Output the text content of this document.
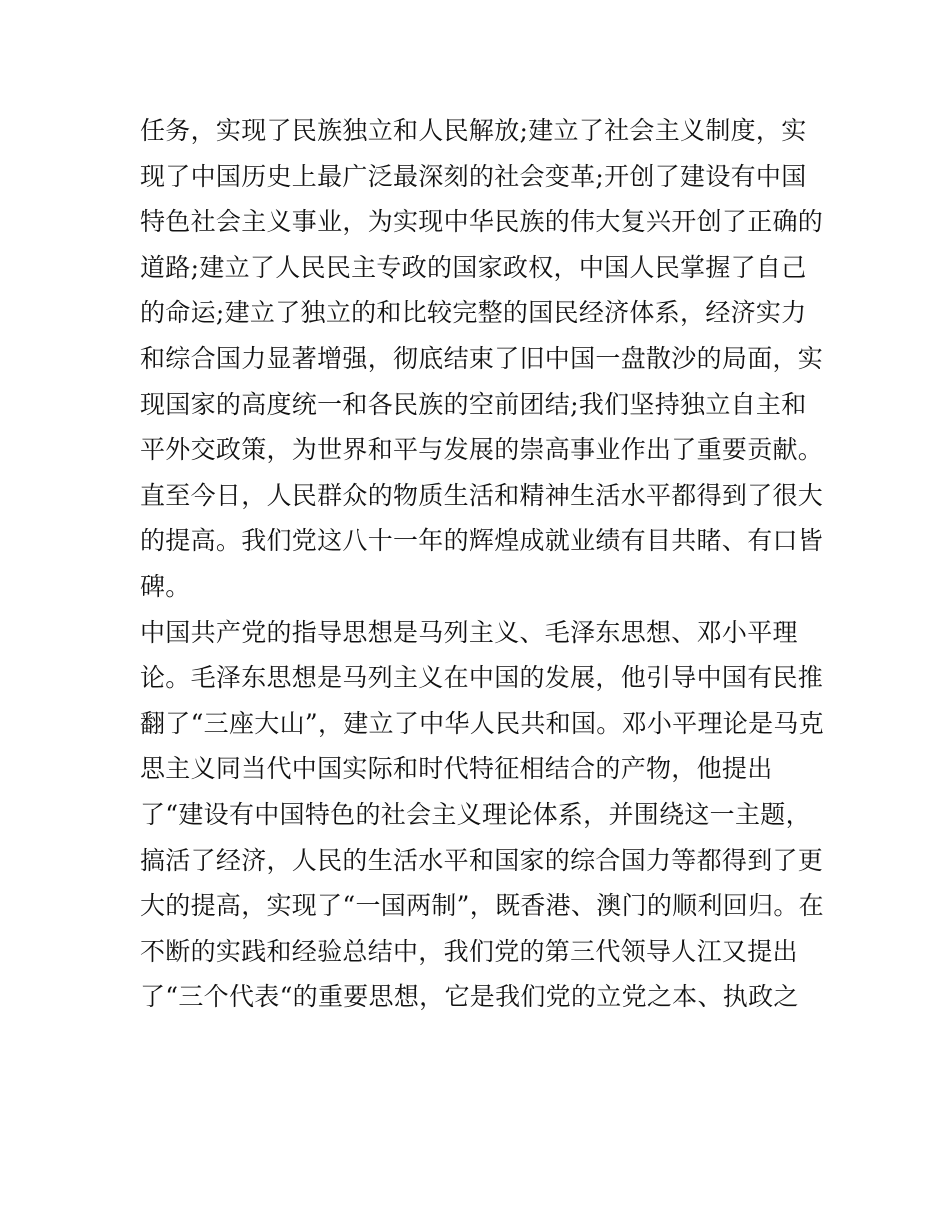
任务，实现了民族独立和人民解放;建立了社会主义制度，实
现了中国历史上最广泛最深刻的社会变革;开创了建设有中国
特色社会主义事业，为实现中华民族的伟大复兴开创了正确的
道路;建立了人民民主专政的国家政权，中国人民掌握了自己
的命运;建立了独立的和比较完整的国民经济体系，经济实力
和综合国力显著增强，彻底结束了旧中国一盘散沙的局面，实
现国家的高度统一和各民族的空前团结;我们坚持独立自主和
平外交政策，为世界和平与发展的崇高事业作出了重要贡献。
直至今日，人民群众的物质生活和精神生活水平都得到了很大
的提高。我们党这八十一年的辉煌成就业绩有目共睹、有口皆
碑。
中国共产党的指导思想是马列主义、毛泽东思想、邓小平理
论。毛泽东思想是马列主义在中国的发展，他引导中国有民推
翻了“三座大山”，建立了中华人民共和国。邓小平理论是马克
思主义同当代中国实际和时代特征相结合的产物，他提出
了“建设有中国特色的社会主义理论体系，并围绕这一主题，
搞活了经济，人民的生活水平和国家的综合国力等都得到了更
大的提高，实现了“一国两制”，既香港、澳门的顺利回归。在
不断的实践和经验总结中，我们党的第三代领导人江又提出
了“三个代表“的重要思想，它是我们党的立党之本、执政之
